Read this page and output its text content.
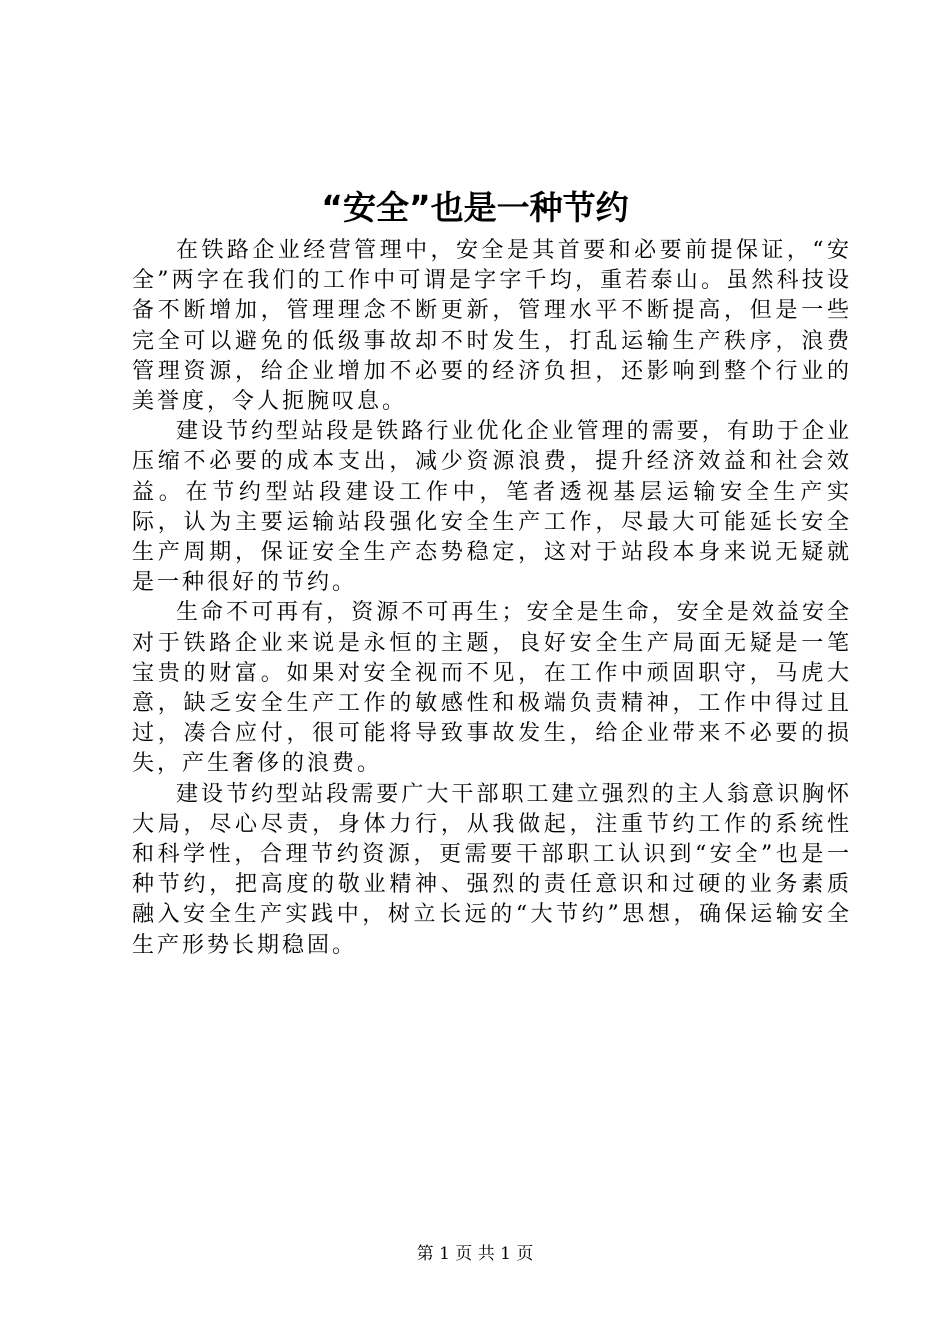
“安全”也是一种节约

在铁路企业经营管理中，安全是其首要和必要前提保证，“安全”两字在我们的工作中可谓是字字千均，重若泰山。虽然科技设备不断增加，管理理念不断更新，管理水平不断提高，但是一些完全可以避免的低级事故却不时发生，打乱运输生产秩序，浪费管理资源，给企业增加不必要的经济负担，还影响到整个行业的美誉度，令人扼腕叹息。

建设节约型站段是铁路行业优化企业管理的需要，有助于企业压缩不必要的成本支出，减少资源浪费，提升经济效益和社会效益。在节约型站段建设工作中，笔者透视基层运输安全生产实际，认为主要运输站段强化安全生产工作，尽最大可能延长安全生产周期，保证安全生产态势稳定，这对于站段本身来说无疑就是一种很好的节约。

生命不可再有，资源不可再生；安全是生命，安全是效益安全对于铁路企业来说是永恒的主题，良好安全生产局面无疑是一笔宝贵的财富。如果对安全视而不见，在工作中顽固职守，马虎大意，缺乏安全生产工作的敏感性和极端负责精神，工作中得过且过，凑合应付，很可能将导致事故发生，给企业带来不必要的损失，产生奢侈的浪费。

建设节约型站段需要广大干部职工建立强烈的主人翁意识胸怀大局，尽心尽责，身体力行，从我做起，注重节约工作的系统性和科学性，合理节约资源，更需要干部职工认识到“安全”也是一种节约，把高度的敬业精神、强烈的责任意识和过硬的业务素质融入安全生产实践中，树立长远的“大节约”思想，确保运输安全生产形势长期稳固。

第 1 页 共 1 页
